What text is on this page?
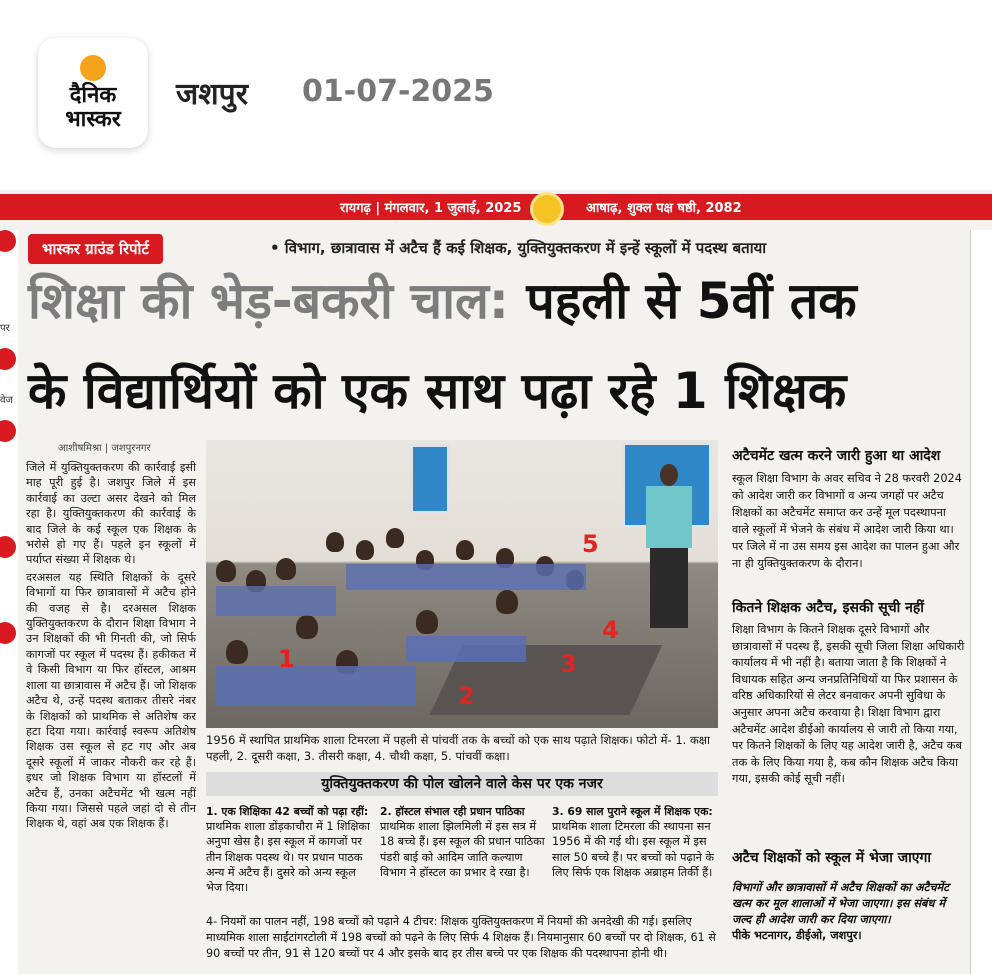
दैनिक
भास्कर
जशपुर 01-07-2025
रायगढ़ | मंगलवार, 1 जुलाई, 2025	आषाढ़, शुक्ल पक्ष षष्ठी, 2082
पर
वेज
भास्कर ग्राउंड रिपोर्ट	• विभाग, छात्रावास में अटैच हैं कई शिक्षक, युक्तियुक्तकरण में इन्हें स्कूलों में पदस्थ बताया
शिक्षा की भेड़-बकरी चाल: पहली से 5वीं तक
के विद्यार्थियों को एक साथ पढ़ा रहे 1 शिक्षक
आशीषमिश्रा | जशपुरनगर

जिले में युक्तियुक्तकरण की कार्रवाई इसी माह पूरी हुई है। जशपुर जिले में इस कार्रवाई का उल्टा असर देखने को मिल रहा है। युक्तियुक्तकरण की कार्रवाई के बाद जिले के कई स्कूल एक शिक्षक के भरोसे हो गए हैं। पहले इन स्कूलों में पर्याप्त संख्या में शिक्षक थे।

दरअसल यह स्थिति शिक्षकों के दूसरे विभागों या फिर छात्रावासों में अटैच होने की वजह से है। दरअसल शिक्षक युक्तियुक्तकरण के दौरान शिक्षा विभाग ने उन शिक्षकों की भी गिनती की, जो सिर्फ कागजों पर स्कूल में पदस्थ हैं। हकीकत में वे किसी विभाग या फिर हॉस्टल, आश्रम शाला या छात्रावास में अटैच हैं। जो शिक्षक अटैच थे, उन्हें पदस्थ बताकर तीसरे नंबर के शिक्षकों को प्राथमिक से अतिशेष कर हटा दिया गया। कार्रवाई स्वरूप अतिशेष शिक्षक उस स्कूल से हट गए और अब दूसरे स्कूलों में जाकर नौकरी कर रहे हैं। इधर जो शिक्षक विभाग या हॉस्टलों में अटैच हैं, उनका अटैचमेंट भी खत्म नहीं किया गया। जिससे पहले जहां दो से तीन शिक्षक थे, वहां अब एक शिक्षक हैं।

1
2
3
4
5
1956 में स्थापित प्राथमिक शाला टिमरला में पहली से पांचवीं तक के बच्चों को एक साथ पढ़ाते शिक्षक। फोटो में- 1. कक्षा पहली, 2. दूसरी कक्षा, 3. तीसरी कक्षा, 4. चौथी कक्षा, 5. पांचवीं कक्षा।
युक्तियुक्तकरण की पोल खोलने वाले केस पर एक नजर
1. एक शिक्षिका 42 बच्चों को पढ़ा रहीं: प्राथमिक शाला डोंड़काचौरा में 1 शिक्षिका अनुपा खेस है। इस स्कूल में कागजों पर तीन शिक्षक पदस्थ थे। पर प्रधान पाठक अन्य में अटैच हैं। दुसरे को अन्य स्कूल भेज दिया।
2. हॉस्टल संभाल रही प्रधान पाठिका प्राथमिक शाला झिलमिली में इस सत्र में 18 बच्चे हैं। इस स्कूल की प्रधान पाठिका पंडरी बाई को आदिम जाति कल्याण विभाग ने हॉस्टल का प्रभार दे रखा है।
3. 69 साल पुराने स्कूल में शिक्षक एक: प्राथमिक शाला टिमरला की स्थापना सन 1956 में की गई थी। इस स्कूल में इस साल 50 बच्चे हैं। पर बच्चों को पढ़ाने के लिए सिर्फ एक शिक्षक अब्राहम तिर्की हैं।
4- नियमों का पालन नहीं, 198 बच्चों को पढ़ाने 4 टीचर: शिक्षक युक्तियुक्तकरण में नियमों की अनदेखी की गई। इसलिए माध्यमिक शाला साईंटांगरटोली में 198 बच्चों को पढ़ने के लिए सिर्फ 4 शिक्षक हैं। नियमानुसार 60 बच्चों पर दो शिक्षक, 61 से 90 बच्चों पर तीन, 91 से 120 बच्चों पर 4 और इसके बाद हर तीस बच्चे पर एक शिक्षक की पदस्थापना होनी थी।
अटैचमेंट खत्म करने जारी हुआ था आदेश
स्कूल शिक्षा विभाग के अवर सचिव ने 28 फरवरी 2024 को आदेश जारी कर विभागों व अन्य जगहों पर अटैच शिक्षकों का अटैचमेंट समाप्त कर उन्हें मूल पदस्थापना वाले स्कूलों में भेजने के संबंध में आदेश जारी किया था। पर जिले में ना उस समय इस आदेश का पालन हुआ और ना ही युक्तियुक्तकरण के दौरान।
कितने शिक्षक अटैच, इसकी सूची नहीं
शिक्षा विभाग के कितने शिक्षक दूसरे विभागों और छात्रावासों में पदस्थ हैं, इसकी सूची जिला शिक्षा अधिकारी कार्यालय में भी नहीं है। बताया जाता है कि शिक्षकों ने विधायक सहित अन्य जनप्रतिनिधियों या फिर प्रशासन के वरिष्ठ अधिकारियों से लेटर बनवाकर अपनी सुविधा के अनुसार अपना अटैच करवाया है। शिक्षा विभाग द्वारा अटैचमेंट आदेश डीईओ कार्यालय से जारी तो किया गया, पर कितने शिक्षकों के लिए यह आदेश जारी है, अटैच कब तक के लिए किया गया है, कब कौन शिक्षक अटैच किया गया, इसकी कोई सूची नहीं।
अटैच शिक्षकों को स्कूल में भेजा जाएगा
विभागों और छात्रावासों में अटैच शिक्षकों का अटैचमेंट खत्म कर मूल शालाओं में भेजा जाएगा। इस संबंध में जल्द ही आदेश जारी कर दिया जाएगा।
पीके भटनागर, डीईओ, जशपुर।
